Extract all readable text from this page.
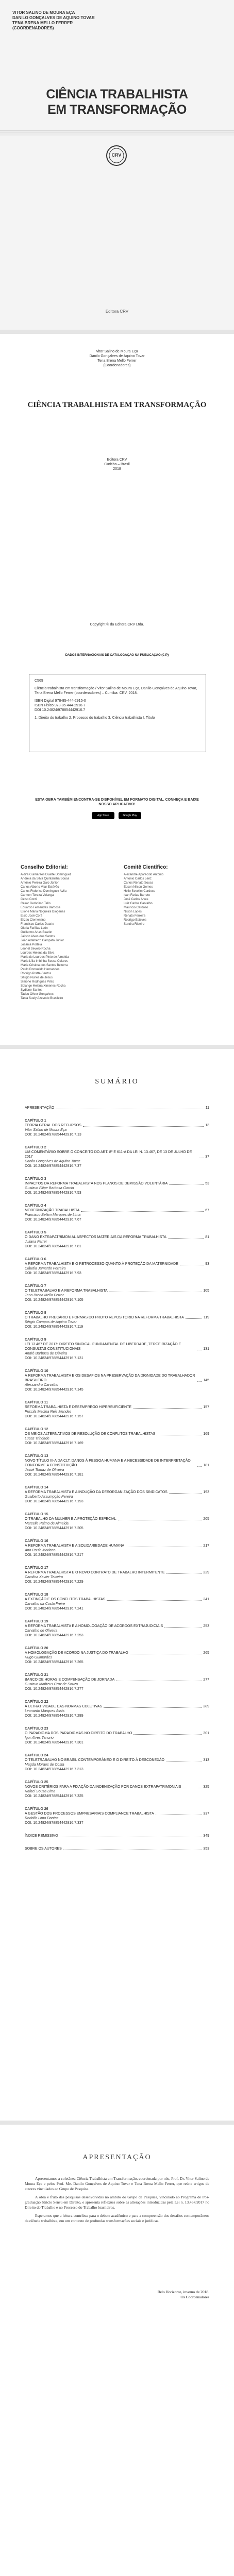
VITOR SALINO DE MOURA EÇA
DANILO GONÇALVES DE AQUINO TOVAR
TENA BRENA MELLO FERRER
(COORDENADORES)
CIÊNCIA TRABALHISTA
EM TRANSFORMAÇÃO
CRV
Editora CRV
Vitor Salino de Moura Eça
Danilo Gonçalves de Aquino Tovar
Tena Brena Mello Ferrer
(Coordenadores)
CIÊNCIA TRABALHISTA EM TRANSFORMAÇÃO
Editora CRV
Curitiba – Brasil
2018
Copyright © da Editora CRV Ltda.
DADOS INTERNACIONAIS DE CATALOGAÇÃO NA PUBLICAÇÃO (CIP)
C569
Ciência trabalhista em transformação / Vitor Salino de Moura Eça, Danilo Gonçalves de Aquino Tovar, Tena Brena Mello Ferrer (coordenadores) – Curitiba: CRV, 2018.
ISBN Digital 978-85-444-2915-0
ISBN Físico 978-85-444-2916-7
DOI 10.24824/978854442916.7
1. Direito do trabalho 2. Processo do trabalho 3. Ciência trabalhista I. Título
ESTA OBRA TAMBÉM ENCONTRA-SE DISPONÍVEL EM FORMATO DIGITAL. CONHEÇA E BAIXE NOSSO APLICATIVO!
App Store	Google Play
Conselho Editorial:	Comitê Científico:
Aldira Guimarães Duarte Domínguez
Andréia da Silva Quintanilha Sousa
Antônio Pereira Gaio Júnior
Carlos Alberto Vilar Estêvão
Carlos Federico Domínguez Avila
Carmen Tereza Velanga
Celso Conti
Cesar Gerónimo Tello
Eduardo Fernandes Barbosa
Elione Maria Nogueira Diogenes
Élsio José Corá
Elizeu Clementino
Francisco Carlos Duarte
Gloria Fariñas León
Guillermo Arias Beatón
Jailson Alves dos Santos
João Adalberto Campato Junior
Josania Portela
Leonel Severo Rocha
Lourdes Helena da Silva
Maria de Lourdes Pinto de Almeida
Maria Lília Imbiriba Sousa Colares
Maria Cristina dos Santos Bezerra
Paulo Romualdo Hernandes
Rodrigo Pratte-Santos
Sérgio Nunes de Jesus
Simone Rodrigues Pinto
Solange Helena Ximenes-Rocha
Sydione Santos
Tadeu Oliver Gonçalves
Tania Suely Azevedo Brasileiro
Alexandre Aparecido Antonio
Antonio Carlos Lenz
Carlos Renato Sousa
Edson Nilson Gomes
Hélio Sevelim Cardoso
Ivan Farias Barreto
José Carlos Alves
Luiz Carlos Carvalho
Maurício Cardoso
Nilson Lopes
Renato Ferreira
Rodrigo Esteves
Sandra Ribeiro
SUMÁRIO
APRESENTAÇÃO	11
CAPÍTULO 1
TEORIA GERAL DOS RECURSOS	13
Vitor Salino de Moura Eça
DOI: 10.24824/978854442916.7.13
CAPÍTULO 2
UM COMENTÁRIO SOBRE O CONCEITO DO ART. 8º E 611-A DA LEI N. 13.467, DE 13 DE JULHO DE 2017	37
Danilo Gonçalves de Aquino Tovar
DOI: 10.24824/978854442916.7.37
CAPÍTULO 3
IMPACTOS DA REFORMA TRABALHISTA NOS PLANOS DE DEMISSÃO VOLUNTÁRIA	53
Gustavo Filipe Barbosa Garcia
DOI: 10.24824/978854442916.7.53
CAPÍTULO 4
MODERNIZAÇÃO TRABALHISTA	67
Francisco Belém Marques de Lima
DOI: 10.24824/978854442916.7.67
CAPÍTULO 5
O DANO EXTRAPATRIMONIAL ASPECTOS MATERIAIS DA REFORMA TRABALHISTA	81
Juliana Ferrer
DOI: 10.24824/978854442916.7.81
CAPÍTULO 6
A REFORMA TRABALHISTA E O RETROCESSO QUANTO À PROTEÇÃO DA MATERNIDADE	93
Cláudia Jamardo Ferreira
DOI: 10.24824/978854442916.7.93
CAPÍTULO 7
O TELETRABALHO E A REFORMA TRABALHISTA	105
Tena Brena Mello Ferrer
DOI: 10.24824/978854442916.7.105
CAPÍTULO 8
O TRABALHO PRECÁRIO E FORMAS DO PROTO REPOSITÓRIO NA REFORMA TRABALHISTA	119
Sérgio Campos de Aquino Tovar
DOI: 10.24824/978854442916.7.119
CAPÍTULO 9
LEI 13.467 DE 2017: DIREITO SINDICAL FUNDAMENTAL DE LIBERDADE, TERCEIRIZAÇÃO E CONSULTAS CONSTITUCIONAIS	131
André Barbosa de Oliveira
DOI: 10.24824/978854442916.7.131
CAPÍTULO 10
A REFORMA TRABALHISTA E OS DESAFIOS NA PRESERVAÇÃO DA DIGNIDADE DO TRABALHADOR BRASILEIRO	145
Alessandro Carvalho
DOI: 10.24824/978854442916.7.145
CAPÍTULO 11
REFORMA TRABALHISTA E DESEMPREGO HIPERSUFICIENTE	157
Priscila Medina Reis Mendes
DOI: 10.24824/978854442916.7.157
CAPÍTULO 12
OS MEIOS ALTERNATIVOS DE RESOLUÇÃO DE CONFLITOS TRABALHISTAS	169
Lucas Trindade
DOI: 10.24824/978854442916.7.169
CAPÍTULO 13
NOVO TÍTULO III-A DA CLT: DANOS À PESSOA HUMANA E A NECESSIDADE DE INTERPRETAÇÃO CONFORME A CONSTITUIÇÃO	181
Jessé Tomaz de Oliveira
DOI: 10.24824/978854442916.7.181
CAPÍTULO 14
A REFORMA TRABALHISTA E A INDUÇÃO DA DESORGANIZAÇÃO DOS SINDICATOS	193
Gualberto Assumpção Pereira
DOI: 10.24824/978854442916.7.193
CAPÍTULO 15
O TRABALHO DA MULHER E A PROTEÇÃO ESPECIAL	205
Marcelle Palmo de Almeida
DOI: 10.24824/978854442916.7.205
CAPÍTULO 16
A REFORMA TRABALHISTA E A SOLIDARIEDADE HUMANA	217
Ana Paula Mariano
DOI: 10.24824/978854442916.7.217
CAPÍTULO 17
A REFORMA TRABALHISTA E O NOVO CONTRATO DE TRABALHO INTERMITENTE	229
Carolina Xavier Teixeira
DOI: 10.24824/978854442916.7.229
CAPÍTULO 18
A EXTINÇÃO E OS CONFLITOS TRABALHISTAS	241
Carvalho da Costa Freire
DOI: 10.24824/978854442916.7.241
CAPÍTULO 19
A REFORMA TRABALHISTA E A HOMOLOGAÇÃO DE ACORDOS EXTRAJUDICIAIS	253
Carvalho de Oliveira
DOI: 10.24824/978854442916.7.253
CAPÍTULO 20
A HOMOLOGAÇÃO DE ACORDO NA JUSTIÇA DO TRABALHO	265
Hugo Guimarães
DOI: 10.24824/978854442916.7.265
CAPÍTULO 21
BANCO DE HORAS E COMPENSAÇÃO DE JORNADA	277
Gustavo Matheus Cruz de Souza
DOI: 10.24824/978854442916.7.277
CAPÍTULO 22
A ULTRATIVIDADE DAS NORMAS COLETIVAS	289
Leonardo Marques Assis
DOI: 10.24824/978854442916.7.289
CAPÍTULO 23
O PARADIGMA DOS PARADIGMAS NO DIREITO DO TRABALHO	301
Igor Alves Tenorio
DOI: 10.24824/978854442916.7.301
CAPÍTULO 24
O TELETRABALHO NO BRASIL CONTEMPORÂNEO E O DIREITO À DESCONEXÃO	313
Magda Moraes de Costa
DOI: 10.24824/978854442916.7.313
CAPÍTULO 25
NOVOS CRITÉRIOS PARA A FIXAÇÃO DA INDENIZAÇÃO POR DANOS EXTRAPATRIMONIAIS	325
Rafael Souza Lima
DOI: 10.24824/978854442916.7.325
CAPÍTULO 26
A GESTÃO DOS PROCESSOS EMPRESARIAIS COMPLIANCE TRABALHISTA	337
Rodolfo Lima Dantas
DOI: 10.24824/978854442916.7.337
ÍNDICE REMISSIVO	349
SOBRE OS AUTORES	353
APRESENTAÇÃO

Apresentamos a coletânea Ciência Trabalhista em Transformação, coordenada por nós, Prof. Dr. Vitor Salino de Moura Eça e pelos Prof. Me. Danilo Gonçalves de Aquino Tovar e Tena Brena Mello Ferrer, que reúne artigos de autores vinculados ao Grupo de Pesquisa.

A obra é fruto das pesquisas desenvolvidas no âmbito do Grupo de Pesquisa, vinculado ao Programa de Pós-graduação Stricto Sensu em Direito, e apresenta reflexões sobre as alterações introduzidas pela Lei n. 13.467/2017 no Direito do Trabalho e no Processo do Trabalho brasileiros.

Esperamos que a leitura contribua para o debate acadêmico e para a compreensão dos desafios contemporâneos da ciência trabalhista, em um contexto de profundas transformações sociais e jurídicas.

Belo Horizonte, inverno de 2018.
Os Coordenadores
